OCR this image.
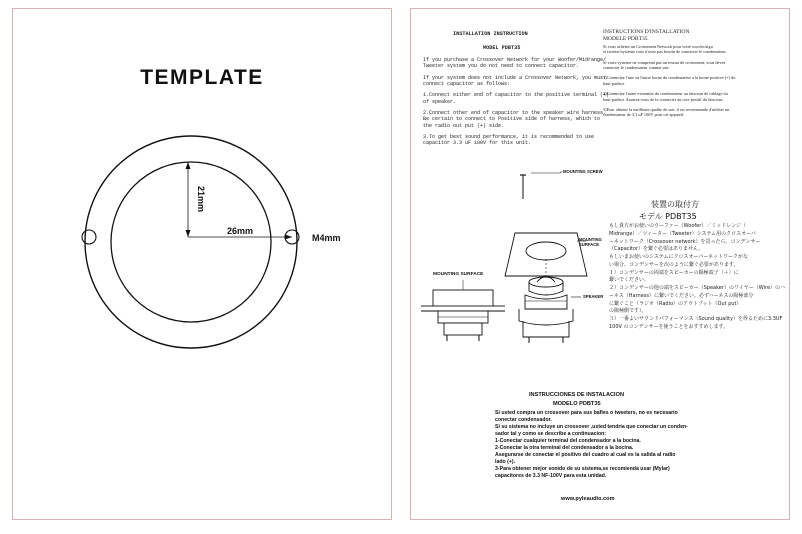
TEMPLATE
21mm
26mm
M4mm
INSTALLATION INSTRUCTION
MODEL PDBT35
If you purchase a Crossover Network for your Woofer/Midrange/
Tweeter system you do not need to connect capacitor.
If your system does not include a Crossover Network, you must
connect capacitor as follows:
1.Connect either end of capacitor to the positive terminal (+)
of speaker.
2.Connect other end of capacitor to the speaker wire harness,
Be certain to connect to Positive side of harness, which to
the radio out put (+) side.
3.To get best sound performance, it is recommended to use
capacitor 3.3 uF 100V for this unit.
INSTRUCTIONS D'INSTALLATION
MODELE PDBT35
Si vous achetez un Croisement Network pour votre woofer/aigu
et tweeter/systeme vous n'avez pas besoin de connecter le condensateur.
Si votre systeme ne comprend pas un reseau de croisement, vous devez
connecter le condensateur comme suit:
1)Connectez l'une ou l'autre borne du condensateur a la borne positive (+) du
haut-parleur.
2)Connectez l'autre extremite du condensateur au faisceau de cablage du
haut-parleur. Assurez-vous de le connecter au cote positif du faisceau.
3)Pour obtenir la meilleure qualite de son, il est recommande d'utiliser un
condensateur de 3,3 uF 100V pour cet appareil.
MOUNTING SCREW
MOUNTING SURFACE
MOUNTING SURFACE
SPEAKER
装置の取付方
モデル PDBT35
もし貴方がお使いのウーファー（Woofer）／ミッドレンジ（
Midrange）／ツィーター（Tweeter）システム用のクロスオーバ
ーネットワーク（Crossover network）を買ったら、コンデンサー
（Capacitor）を繋ぐ必要はありません。
もしいまお使いのシステムにクロスオーバーネットワークがな
い場合、コンデンサーを次のように繋ぐ必要があります。
１）コンデンサーの両端をスピーカーの陽極端子（＋）に
繋いでください。
２）コンデンサーの他の端をスピーカー（Speaker）のワイヤー（Wire）のハ
ーネス（Harness）に繋いでください。必ずハーネスの陽極部分
に繋ぐこと（ラジオ（Radio）のアウトプット（Out put）
の陽極側です）。
３）一番よいサウンドパフォーマンス（Sound quality）を得るために3.3UF
100V のコンデンサーを使うことをおすすめします。
INSTRUCCIONES DE INSTALACION
MODELO PDBT35
Si usted compra un crossover para sus bafles o tweeters, no es necesario
conectar condensador.
Si su sistema no incluye un crossover ,usted tendria que conectar un conden-
sador tal y como se describe a continuacion:
1-Conectar cualquier terminal del condensador a la bocina.
2-Conectar la otra terminal del condensador a la bocina.
Asegurarse de conectar el positivo del cuadro al cual es la salida al radio
lado (+).
3-Para obtener mejor sonido de su sistema,se recomienda usar (Mylar)
capacitores de 3.3 NF-100V para esta unidad.
www.pyleaudio.com
